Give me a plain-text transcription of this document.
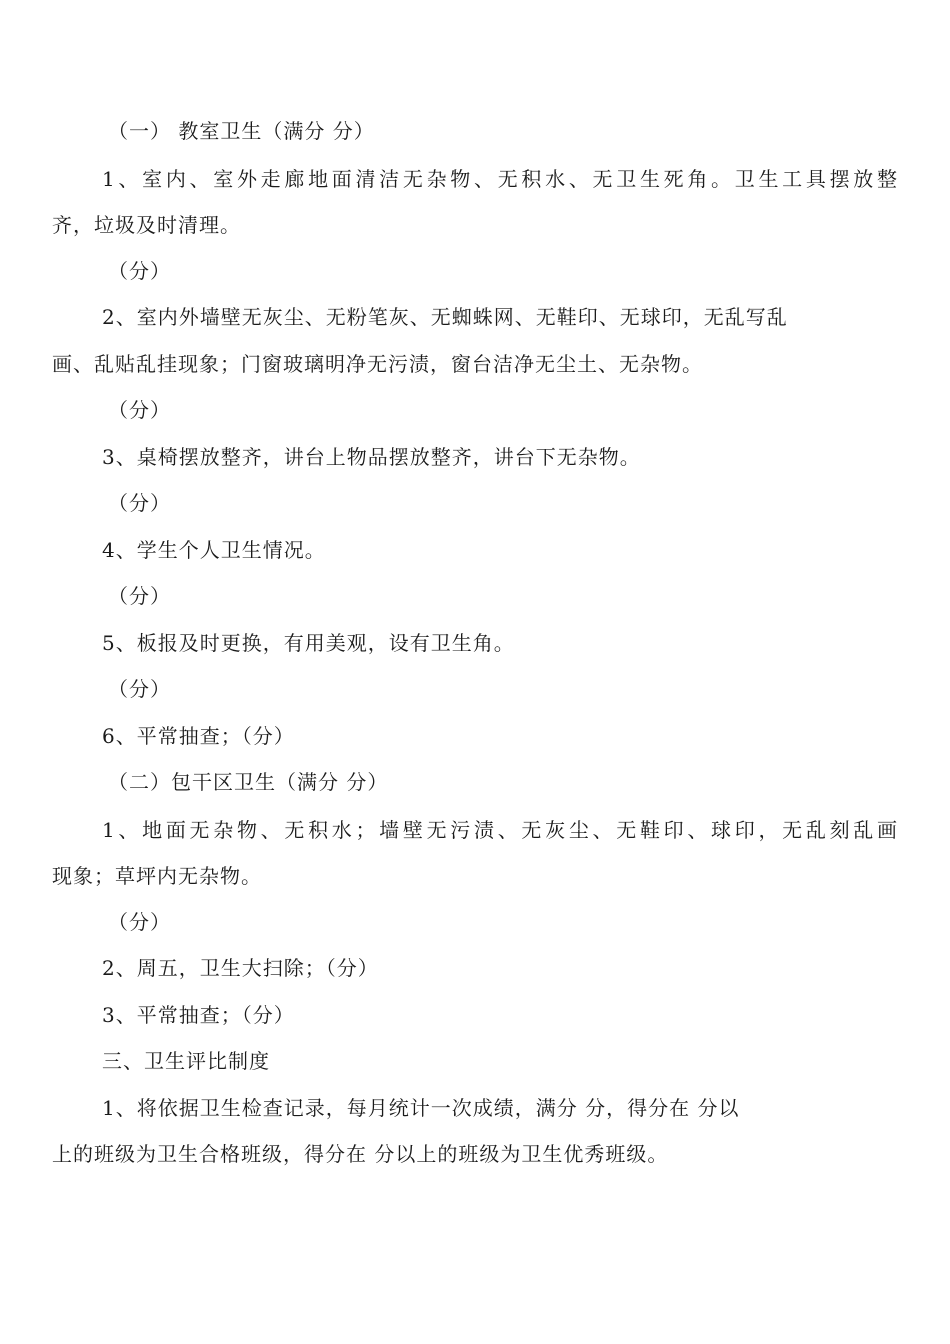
（一） 教室卫生（满分 分）
1、室内、室外走廊地面清洁无杂物、无积水、无卫生死角。卫生工具摆放整
齐，垃圾及时清理。
（分）
2、室内外墙壁无灰尘、无粉笔灰、无蜘蛛网、无鞋印、无球印，无乱写乱
画、乱贴乱挂现象；门窗玻璃明净无污渍，窗台洁净无尘土、无杂物。
（分）
3、桌椅摆放整齐，讲台上物品摆放整齐，讲台下无杂物。
（分）
4、学生个人卫生情况。
（分）
5、板报及时更换，有用美观，设有卫生角。
（分）
6、平常抽查；（分）
（二）包干区卫生（满分 分）
1、地面无杂物、无积水；墙壁无污渍、无灰尘、无鞋印、球印，无乱刻乱画
现象；草坪内无杂物。
（分）
2、周五，卫生大扫除；（分）
3、平常抽查；（分）
三、卫生评比制度
1、将依据卫生检查记录，每月统计一次成绩，满分 分，得分在 分以
上的班级为卫生合格班级，得分在 分以上的班级为卫生优秀班级。
